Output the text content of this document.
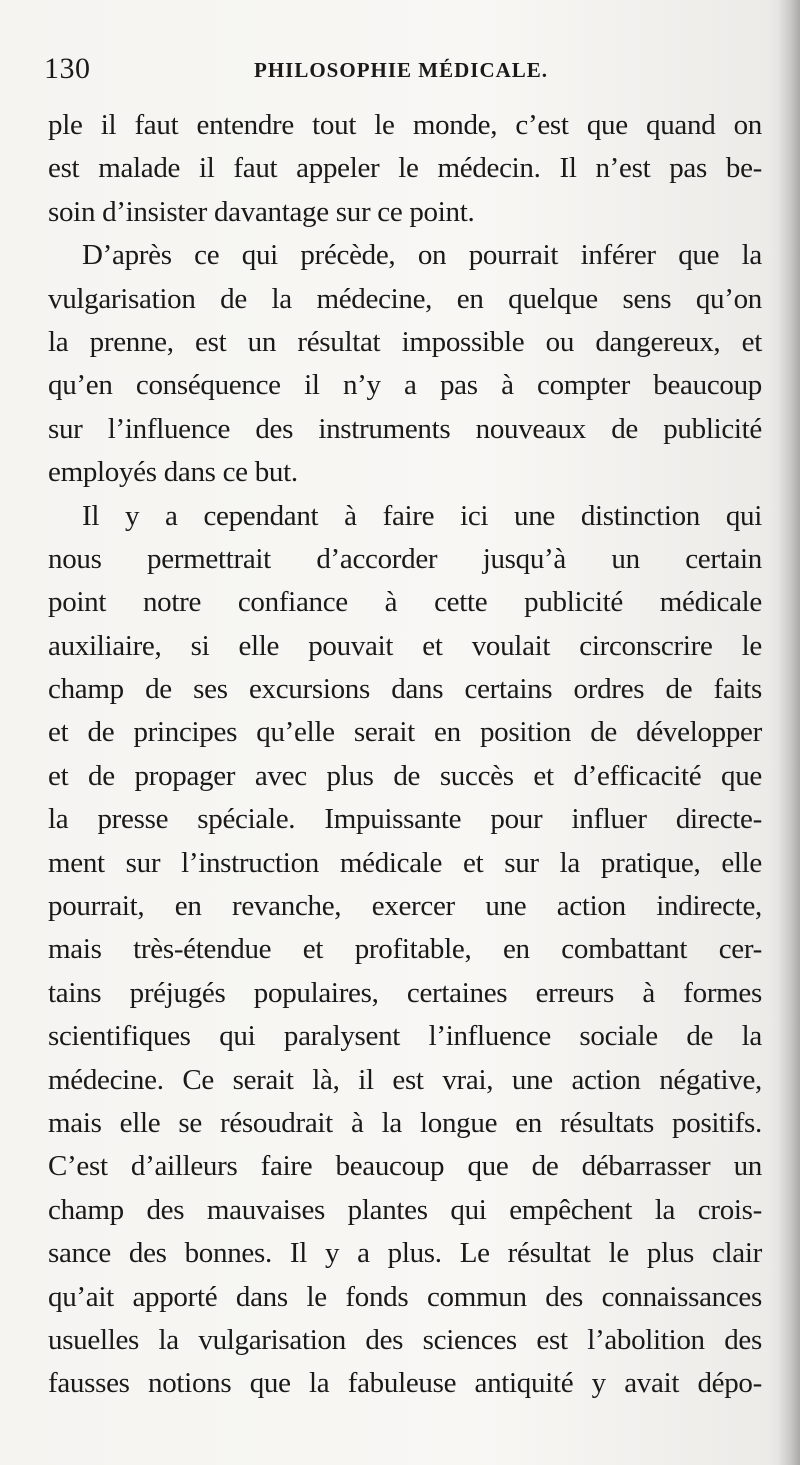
130	PHILOSOPHIE MÉDICALE.
ple il faut entendre tout le monde, c’est que quand on
est malade il faut appeler le médecin. Il n’est pas be-
soin d’insister davantage sur ce point.
D’après ce qui précède, on pourrait inférer que la
vulgarisation de la médecine, en quelque sens qu’on
la prenne, est un résultat impossible ou dangereux, et
qu’en conséquence il n’y a pas à compter beaucoup
sur l’influence des instruments nouveaux de publicité
employés dans ce but.
Il y a cependant à faire ici une distinction qui
nous permettrait d’accorder jusqu’à un certain
point notre confiance à cette publicité médicale
auxiliaire, si elle pouvait et voulait circonscrire le
champ de ses excursions dans certains ordres de faits
et de principes qu’elle serait en position de développer
et de propager avec plus de succès et d’efficacité que
la presse spéciale. Impuissante pour influer directe-
ment sur l’instruction médicale et sur la pratique, elle
pourrait, en revanche, exercer une action indirecte,
mais très-étendue et profitable, en combattant cer-
tains préjugés populaires, certaines erreurs à formes
scientifiques qui paralysent l’influence sociale de la
médecine. Ce serait là, il est vrai, une action négative,
mais elle se résoudrait à la longue en résultats positifs.
C’est d’ailleurs faire beaucoup que de débarrasser un
champ des mauvaises plantes qui empêchent la crois-
sance des bonnes. Il y a plus. Le résultat le plus clair
qu’ait apporté dans le fonds commun des connaissances
usuelles la vulgarisation des sciences est l’abolition des
fausses notions que la fabuleuse antiquité y avait dépo-
